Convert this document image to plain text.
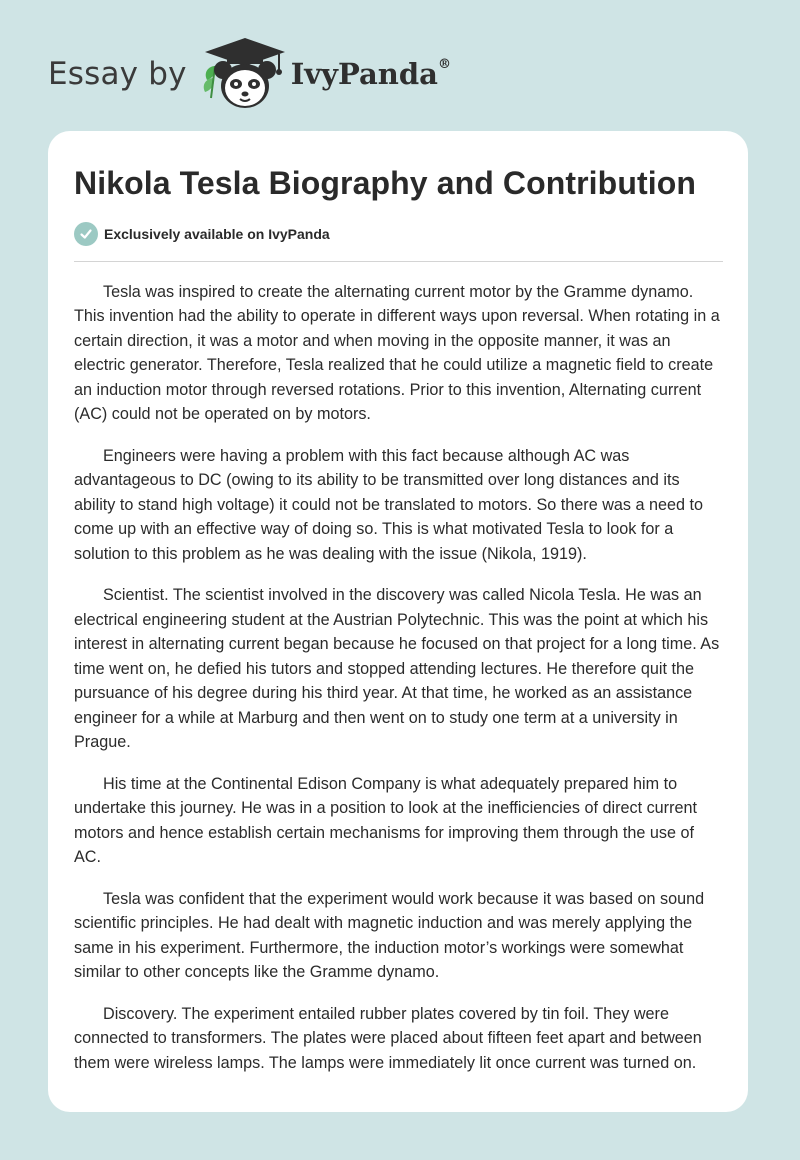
Essay by	IvyPanda®
Nikola Tesla Biography and Contribution
Exclusively available on IvyPanda

Tesla was inspired to create the alternating current motor by the Gramme dynamo. This invention had the ability to operate in different ways upon reversal. When rotating in a certain direction, it was a motor and when moving in the opposite manner, it was an electric generator. Therefore, Tesla realized that he could utilize a magnetic field to create an induction motor through reversed rotations. Prior to this invention, Alternating current (AC) could not be operated on by motors.

Engineers were having a problem with this fact because although AC was advantageous to DC (owing to its ability to be transmitted over long distances and its ability to stand high voltage) it could not be translated to motors. So there was a need to come up with an effective way of doing so. This is what motivated Tesla to look for a solution to this problem as he was dealing with the issue (Nikola, 1919).

Scientist. The scientist involved in the discovery was called Nicola Tesla. He was an electrical engineering student at the Austrian Polytechnic. This was the point at which his interest in alternating current began because he focused on that project for a long time. As time went on, he defied his tutors and stopped attending lectures. He therefore quit the pursuance of his degree during his third year. At that time, he worked as an assistance engineer for a while at Marburg and then went on to study one term at a university in Prague.

His time at the Continental Edison Company is what adequately prepared him to undertake this journey. He was in a position to look at the inefficiencies of direct current motors and hence establish certain mechanisms for improving them through the use of AC.

Tesla was confident that the experiment would work because it was based on sound scientific principles. He had dealt with magnetic induction and was merely applying the same in his experiment. Furthermore, the induction motor’s workings were somewhat similar to other concepts like the Gramme dynamo.

Discovery. The experiment entailed rubber plates covered by tin foil. They were connected to transformers. The plates were placed about fifteen feet apart and between them were wireless lamps. The lamps were immediately lit once current was turned on.
